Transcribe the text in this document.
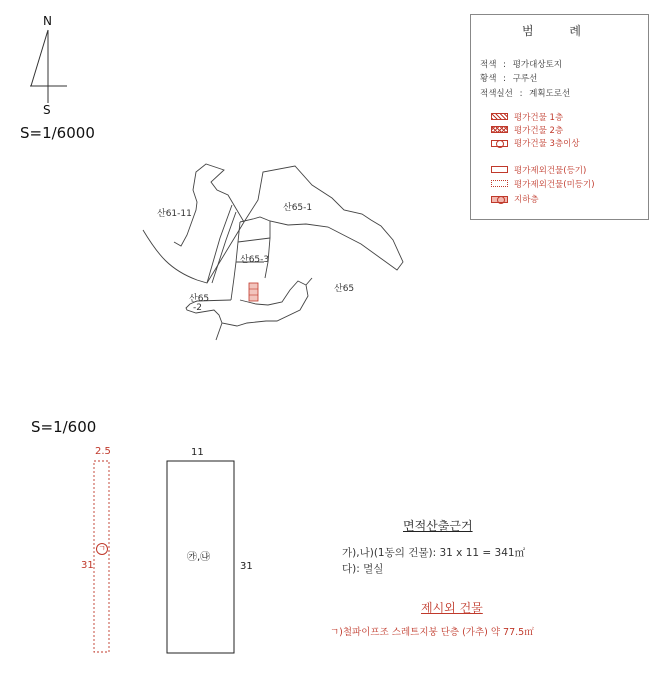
N
S
S=1/6000
산61-11
산65-1
산65-3
산65
산65
-2
범 례
적색 : 평가대상토지
황색 : 구루선
적색실선 : 계획도로선
평가건물 1층
평가건물 2층
평가건물 3층이상
평가제외건물(등기)
평가제외건물(미등기)
지하층
S=1/600
2.5
31
ㄱ
11
31
㉮,㉯
면적산출근거
가),나)(1동의 건물): 31 x 11 = 341㎡
다): 멸실
제시외 건물
ㄱ)철파이프조 스레트지붕 단층 (가추) 약 77.5㎡
